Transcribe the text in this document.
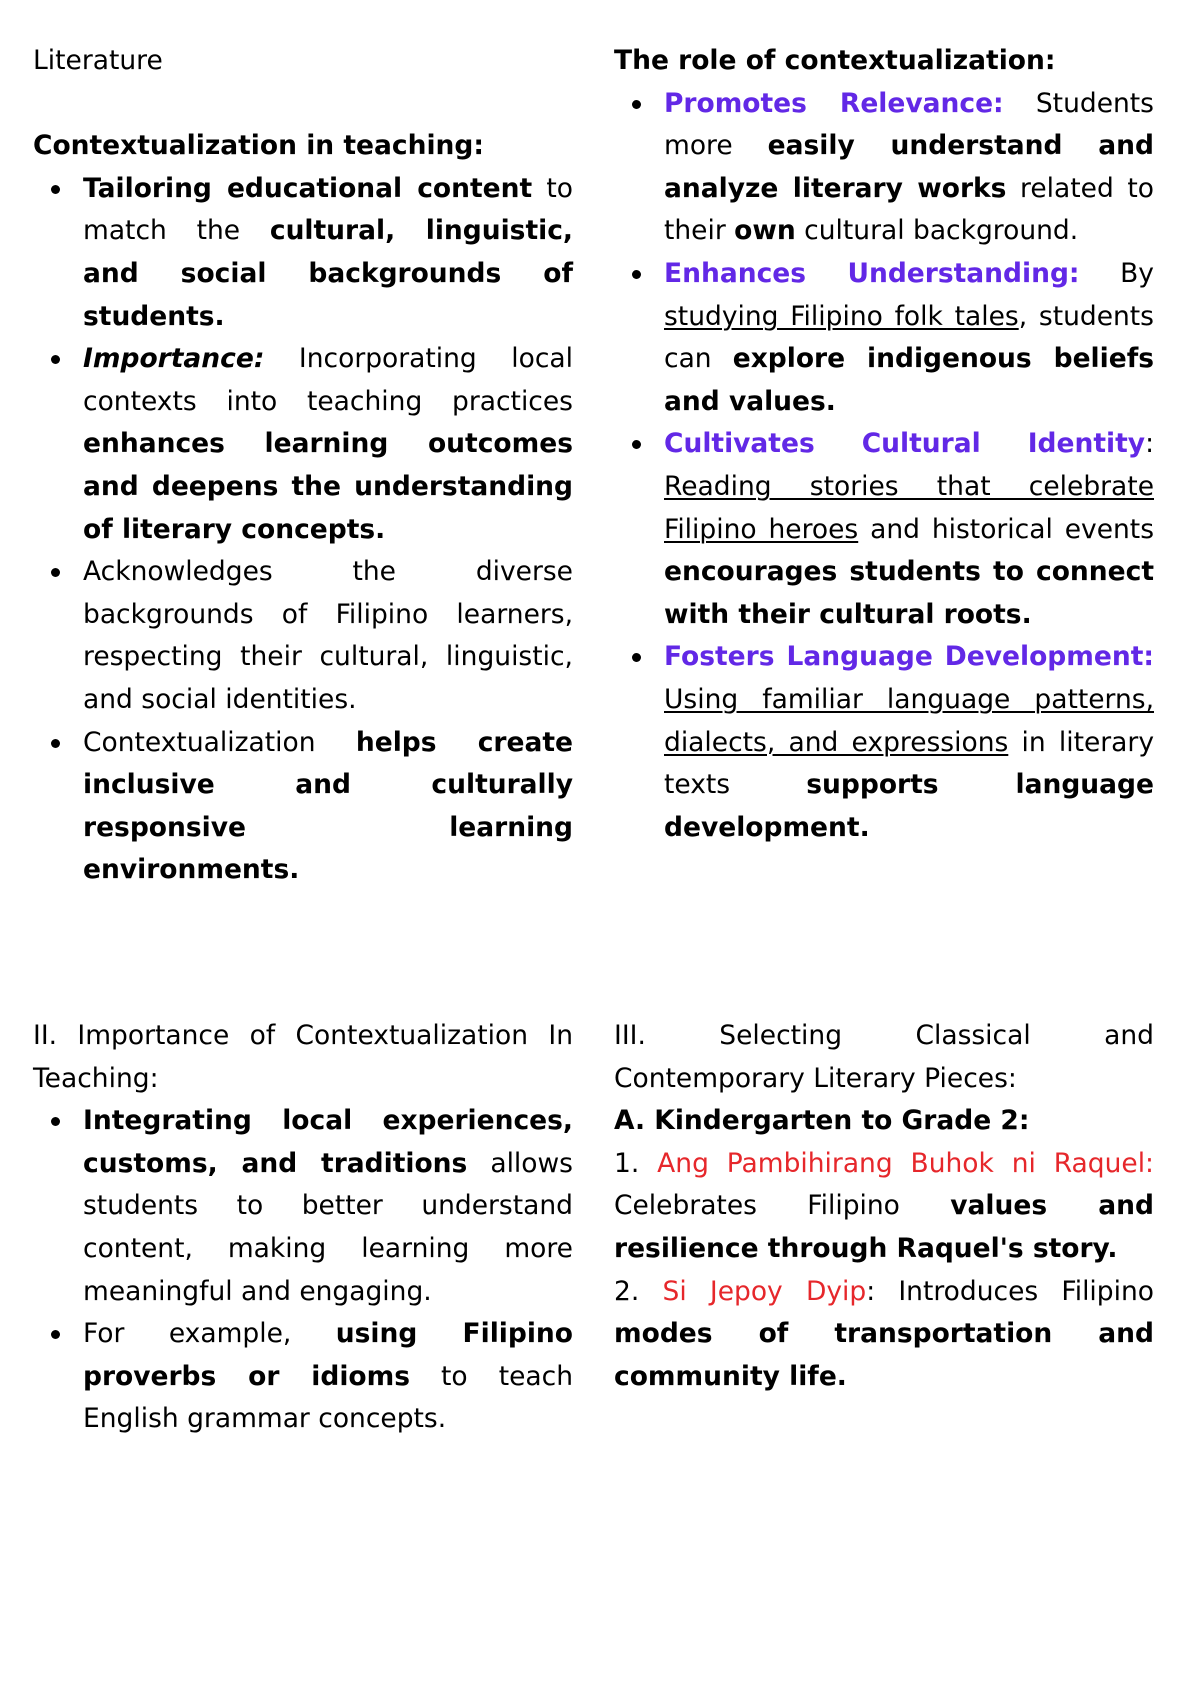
Literature

Contextualization in teaching:

Tailoring educational content to match the cultural, linguistic, and social backgrounds of students.
Importance: Incorporating local contexts into teaching practices enhances learning outcomes and deepens the understanding of literary concepts.
Acknowledges the diverse backgrounds of Filipino learners, respecting their cultural, linguistic, and social identities.
Contextualization helps create inclusive and culturally responsive learning environments.

The role of contextualization:

Promotes Relevance: Students more easily understand and analyze literary works related to their own cultural background.
Enhances Understanding: By studying Filipino folk tales, students can explore indigenous beliefs and values.
Cultivates Cultural Identity: Reading stories that celebrate Filipino heroes and historical events encourages students to connect with their cultural roots.
Fosters Language Development: Using familiar language patterns, dialects, and expressions in literary texts supports language development.

II. Importance of Contextualization In Teaching:

Integrating local experiences, customs, and traditions allows students to better understand content, making learning more meaningful and engaging.
For example, using Filipino proverbs or idioms to teach English grammar concepts.

III. Selecting Classical and Contemporary Literary Pieces:

A. Kindergarten to Grade 2:

1. Ang Pambihirang Buhok ni Raquel: Celebrates Filipino values and resilience through Raquel's story.

2. Si Jepoy Dyip: Introduces Filipino modes of transportation and community life.
